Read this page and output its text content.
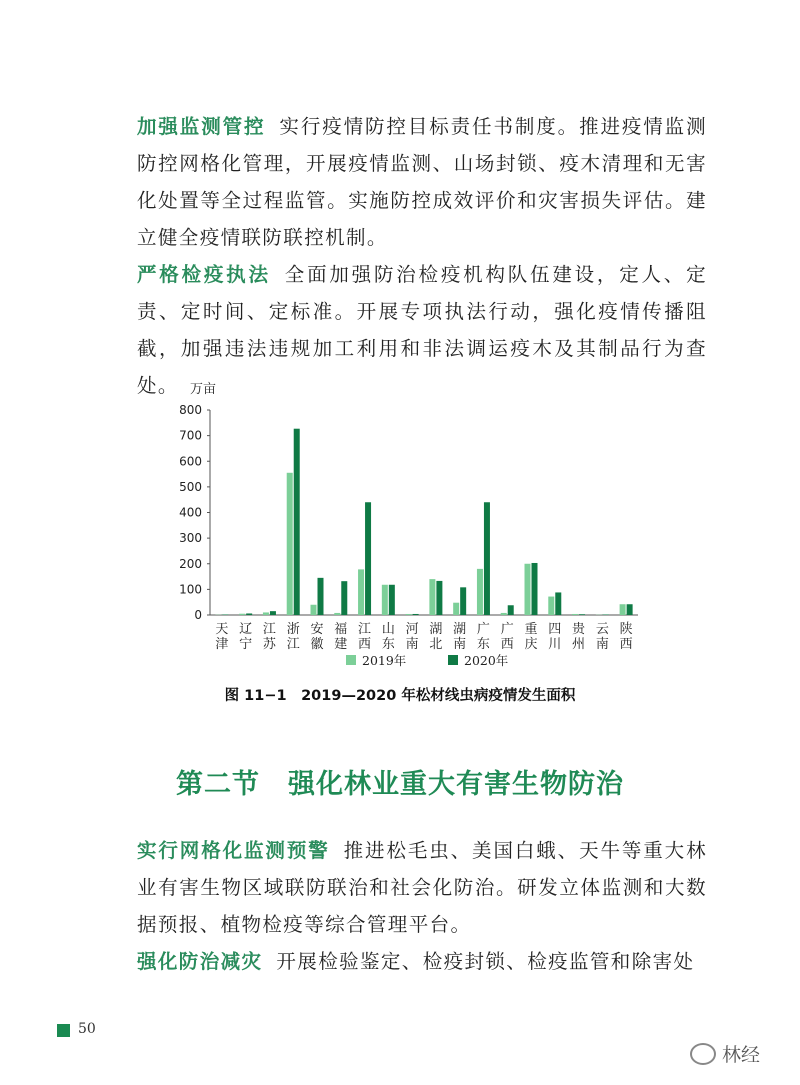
加强监测管控 实行疫情防控目标责任书制度。推进疫情监测防控网格化管理，开展疫情监测、山场封锁、疫木清理和无害化处置等全过程监管。实施防控成效评价和灾害损失评估。建立健全疫情联防联控机制。

严格检疫执法 全面加强防治检疫机构队伍建设，定人、定责、定时间、定标准。开展专项执法行动，强化疫情传播阻截，加强违法违规加工利用和非法调运疫木及其制品行为查处。 万亩
0
100
200
300
400
500
600
700
800
天
津
辽
宁
江
苏
浙
江
安
徽
福
建
江
西
山
东
河
南
湖
北
湖
南
广
东
广
西
重
庆
四
川
贵
州
云
南
陕
西
2019年	2020年
图 11−1　2019—2020 年松材线虫病疫情发生面积
第二节　强化林业重大有害生物防治

实行网格化监测预警 推进松毛虫、美国白蛾、天牛等重大林业有害生物区域联防联治和社会化防治。研发立体监测和大数据预报、植物检疫等综合管理平台。

强化防治减灾 开展检验鉴定、检疫封锁、检疫监管和除害处

50
林经
